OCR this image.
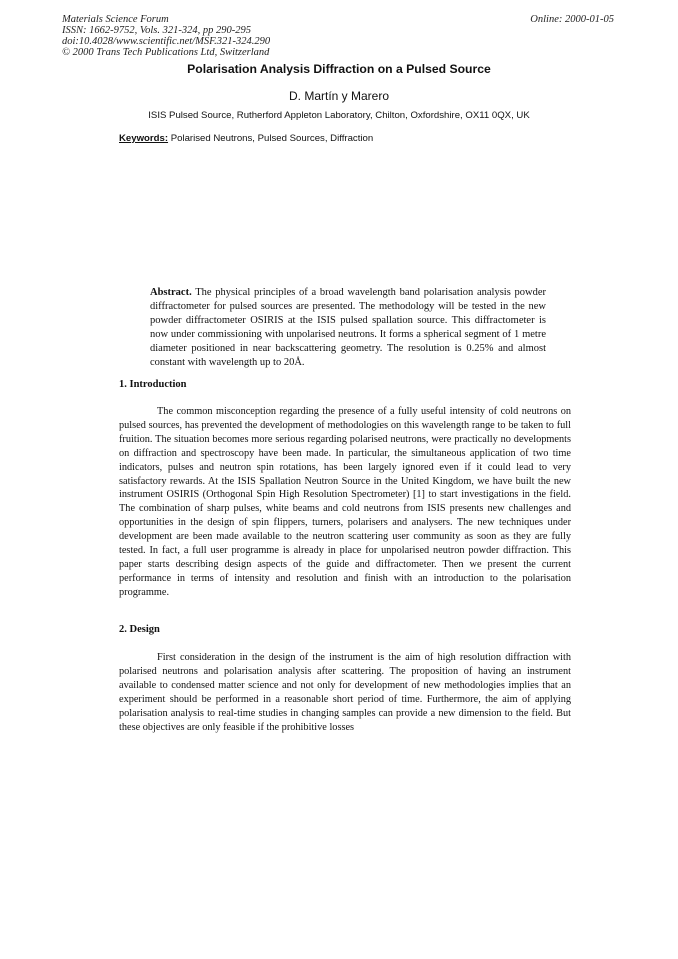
Materials Science Forum
ISSN: 1662-9752, Vols. 321-324, pp 290-295
doi:10.4028/www.scientific.net/MSF.321-324.290
© 2000 Trans Tech Publications Ltd, Switzerland
Online: 2000-01-05
Polarisation Analysis Diffraction on a Pulsed Source
D. Martín y Marero
ISIS Pulsed Source, Rutherford Appleton Laboratory, Chilton, Oxfordshire, OX11 0QX, UK
Keywords: Polarised Neutrons, Pulsed Sources, Diffraction
Abstract. The physical principles of a broad wavelength band polarisation analysis powder diffractometer for pulsed sources are presented. The methodology will be tested in the new powder diffractometer OSIRIS at the ISIS pulsed spallation source. This diffractometer is now under commissioning with unpolarised neutrons. It forms a spherical segment of 1 metre diameter positioned in near backscattering geometry. The resolution is 0.25% and almost constant with wavelength up to 20Å.
1. Introduction
The common misconception regarding the presence of a fully useful intensity of cold neutrons on pulsed sources, has prevented the development of methodologies on this wavelength range to be taken to full fruition. The situation becomes more serious regarding polarised neutrons, were practically no developments on diffraction and spectroscopy have been made. In particular, the simultaneous application of two time indicators, pulses and neutron spin rotations, has been largely ignored even if it could lead to very satisfactory rewards. At the ISIS Spallation Neutron Source in the United Kingdom, we have built the new instrument OSIRIS (Orthogonal Spin High Resolution Spectrometer) [1] to start investigations in the field. The combination of sharp pulses, white beams and cold neutrons from ISIS presents new challenges and opportunities in the design of spin flippers, turners, polarisers and analysers. The new techniques under development are been made available to the neutron scattering user community as soon as they are fully tested. In fact, a full user programme is already in place for unpolarised neutron powder diffraction. This paper starts describing design aspects of the guide and diffractometer. Then we present the current performance in terms of intensity and resolution and finish with an introduction to the polarisation programme.
2. Design
First consideration in the design of the instrument is the aim of high resolution diffraction with polarised neutrons and polarisation analysis after scattering. The proposition of having an instrument available to condensed matter science and not only for development of new methodologies implies that an experiment should be performed in a reasonable short period of time. Furthermore, the aim of applying polarisation analysis to real-time studies in changing samples can provide a new dimension to the field. But these objectives are only feasible if the prohibitive losses
